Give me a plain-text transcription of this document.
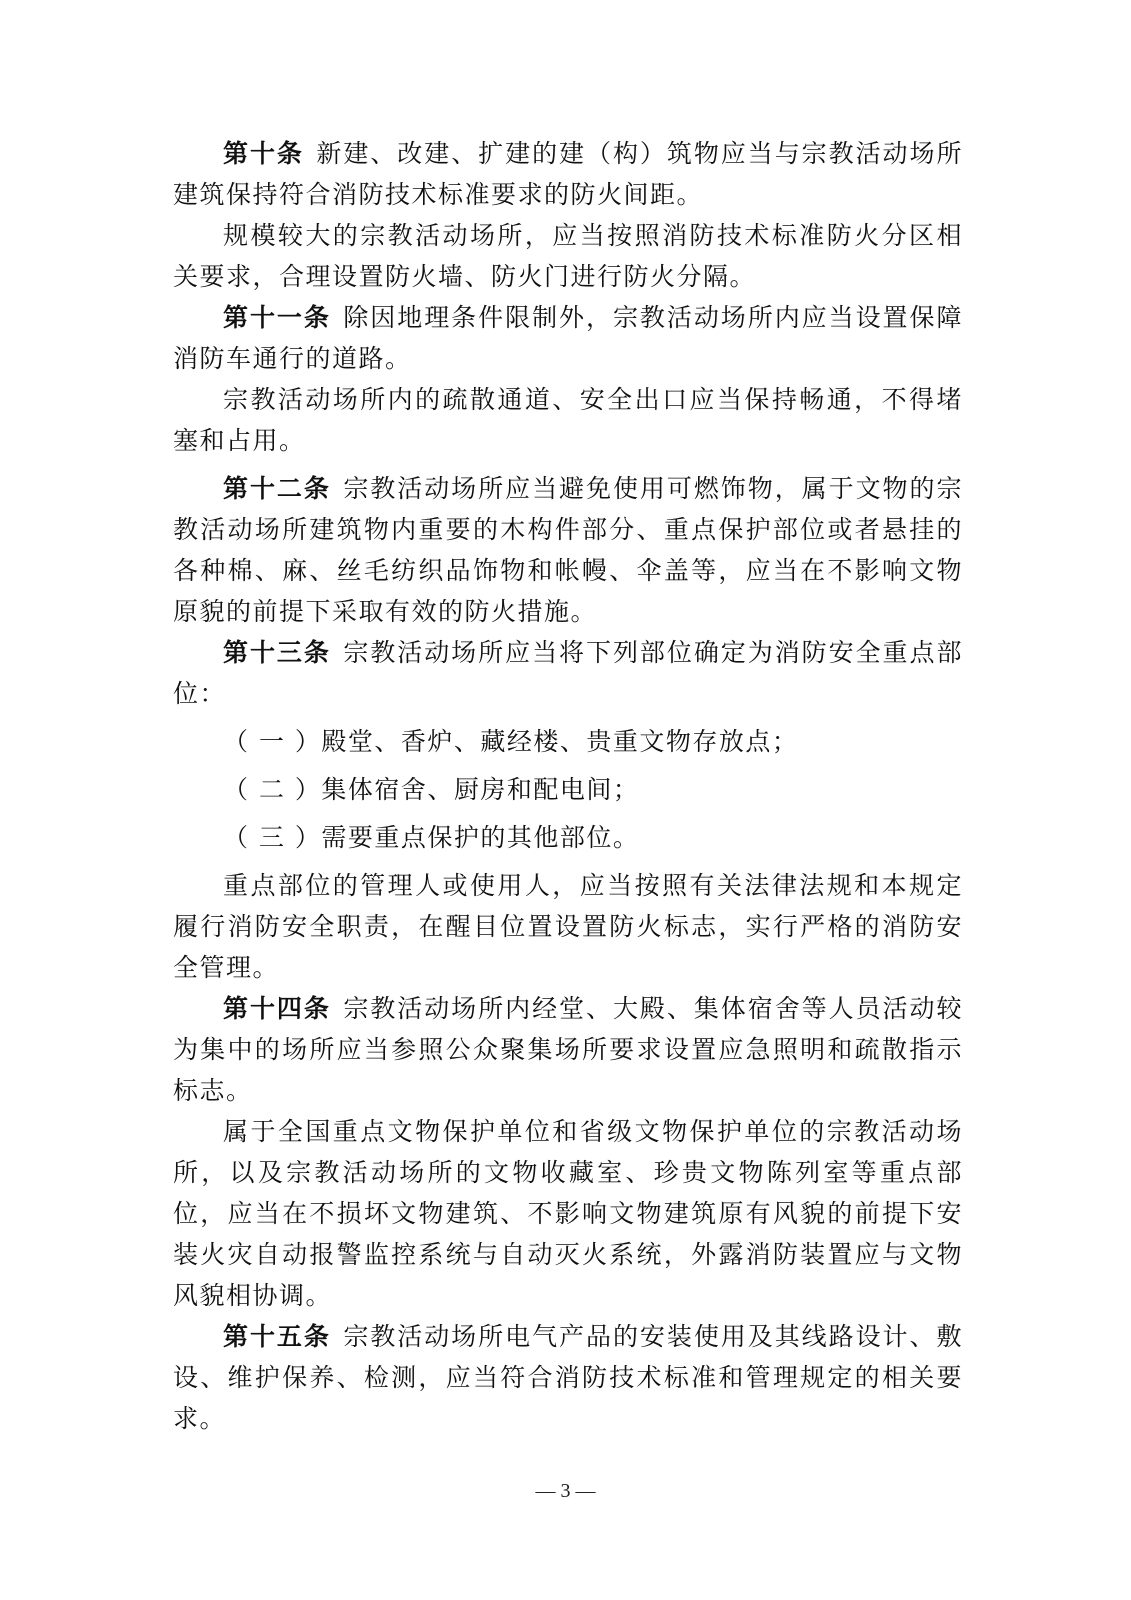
第十条 新建、改建、扩建的建（构）筑物应当与宗教活动场所建筑保持符合消防技术标准要求的防火间距。

规模较大的宗教活动场所，应当按照消防技术标准防火分区相关要求，合理设置防火墙、防火门进行防火分隔。

第十一条 除因地理条件限制外，宗教活动场所内应当设置保障消防车通行的道路。

宗教活动场所内的疏散通道、安全出口应当保持畅通，不得堵塞和占用。

第十二条 宗教活动场所应当避免使用可燃饰物，属于文物的宗教活动场所建筑物内重要的木构件部分、重点保护部位或者悬挂的各种棉、麻、丝毛纺织品饰物和帐幔、伞盖等，应当在不影响文物原貌的前提下采取有效的防火措施。

第十三条 宗教活动场所应当将下列部位确定为消防安全重点部位：

（ 一 ）殿堂、香炉、藏经楼、贵重文物存放点；

（ 二 ）集体宿舍、厨房和配电间；

（ 三 ）需要重点保护的其他部位。

重点部位的管理人或使用人，应当按照有关法律法规和本规定履行消防安全职责，在醒目位置设置防火标志，实行严格的消防安全管理。

第十四条 宗教活动场所内经堂、大殿、集体宿舍等人员活动较为集中的场所应当参照公众聚集场所要求设置应急照明和疏散指示标志。

属于全国重点文物保护单位和省级文物保护单位的宗教活动场所，以及宗教活动场所的文物收藏室、珍贵文物陈列室等重点部位，应当在不损坏文物建筑、不影响文物建筑原有风貌的前提下安装火灾自动报警监控系统与自动灭火系统，外露消防装置应与文物风貌相协调。

第十五条 宗教活动场所电气产品的安装使用及其线路设计、敷设、维护保养、检测，应当符合消防技术标准和管理规定的相关要求。

— 3 —
